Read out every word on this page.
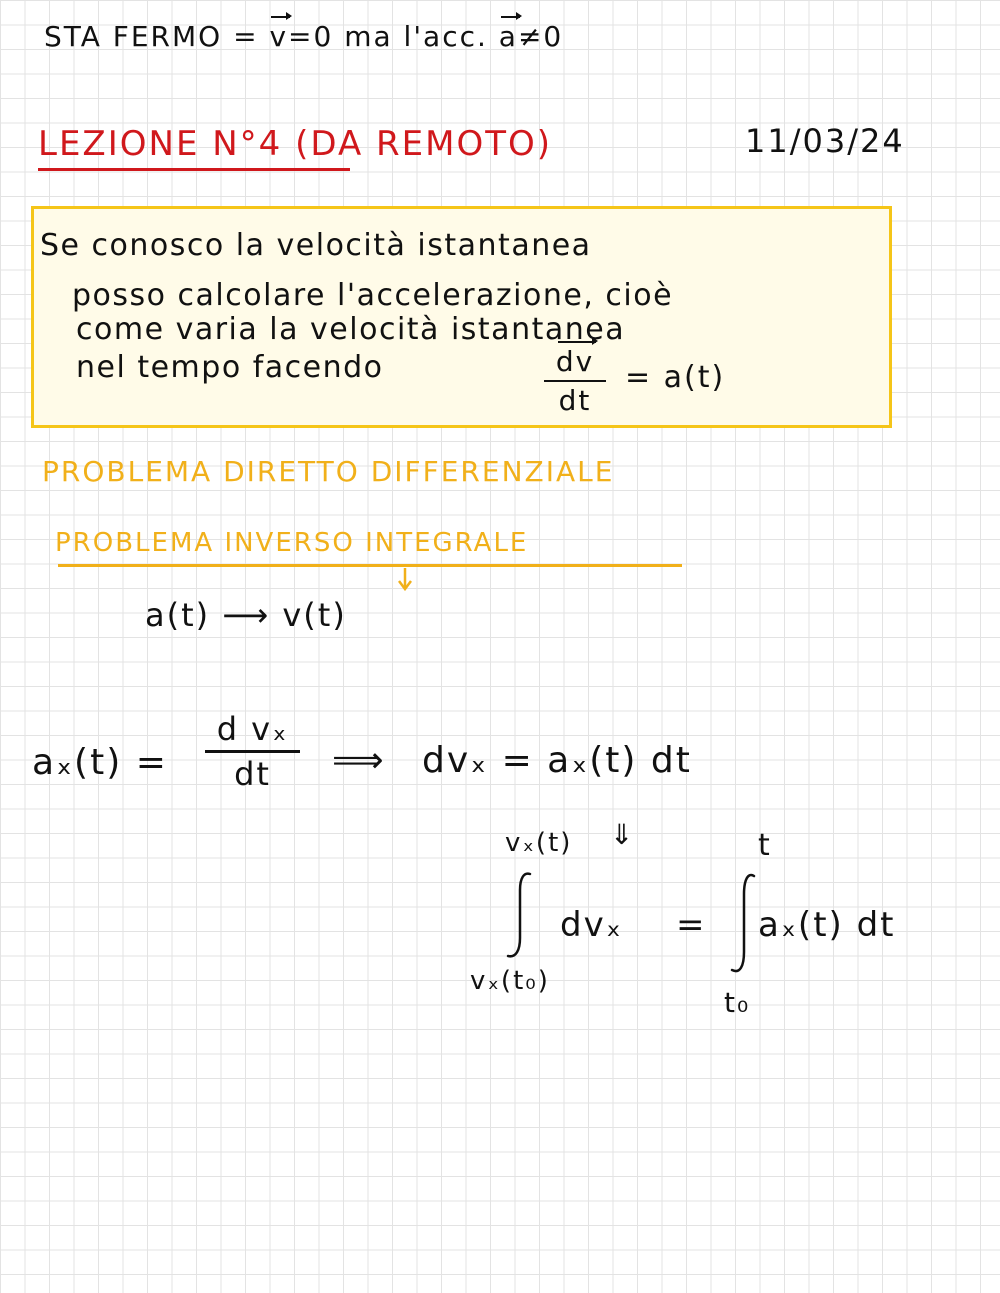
STA FERMO = v=0 ma l'acc. a≠0
LEZIONE N°4 (DA REMOTO)	11/03/24
Se conosco la velocità istantanea
posso calcolare l'accelerazione, cioè
come varia la velocità istantanea
nel tempo facendo	dv
dt
= a(t)
PROBLEMA DIRETTO DIFFERENZIALE
PROBLEMA INVERSO INTEGRALE
a(t) ⟶ v(t)
aₓ(t) =
d vₓ
dt	⟹ dvₓ = aₓ(t) dt
⇓
vₓ(t)
vₓ(t₀)
dvₓ =
t
t₀
aₓ(t) dt
